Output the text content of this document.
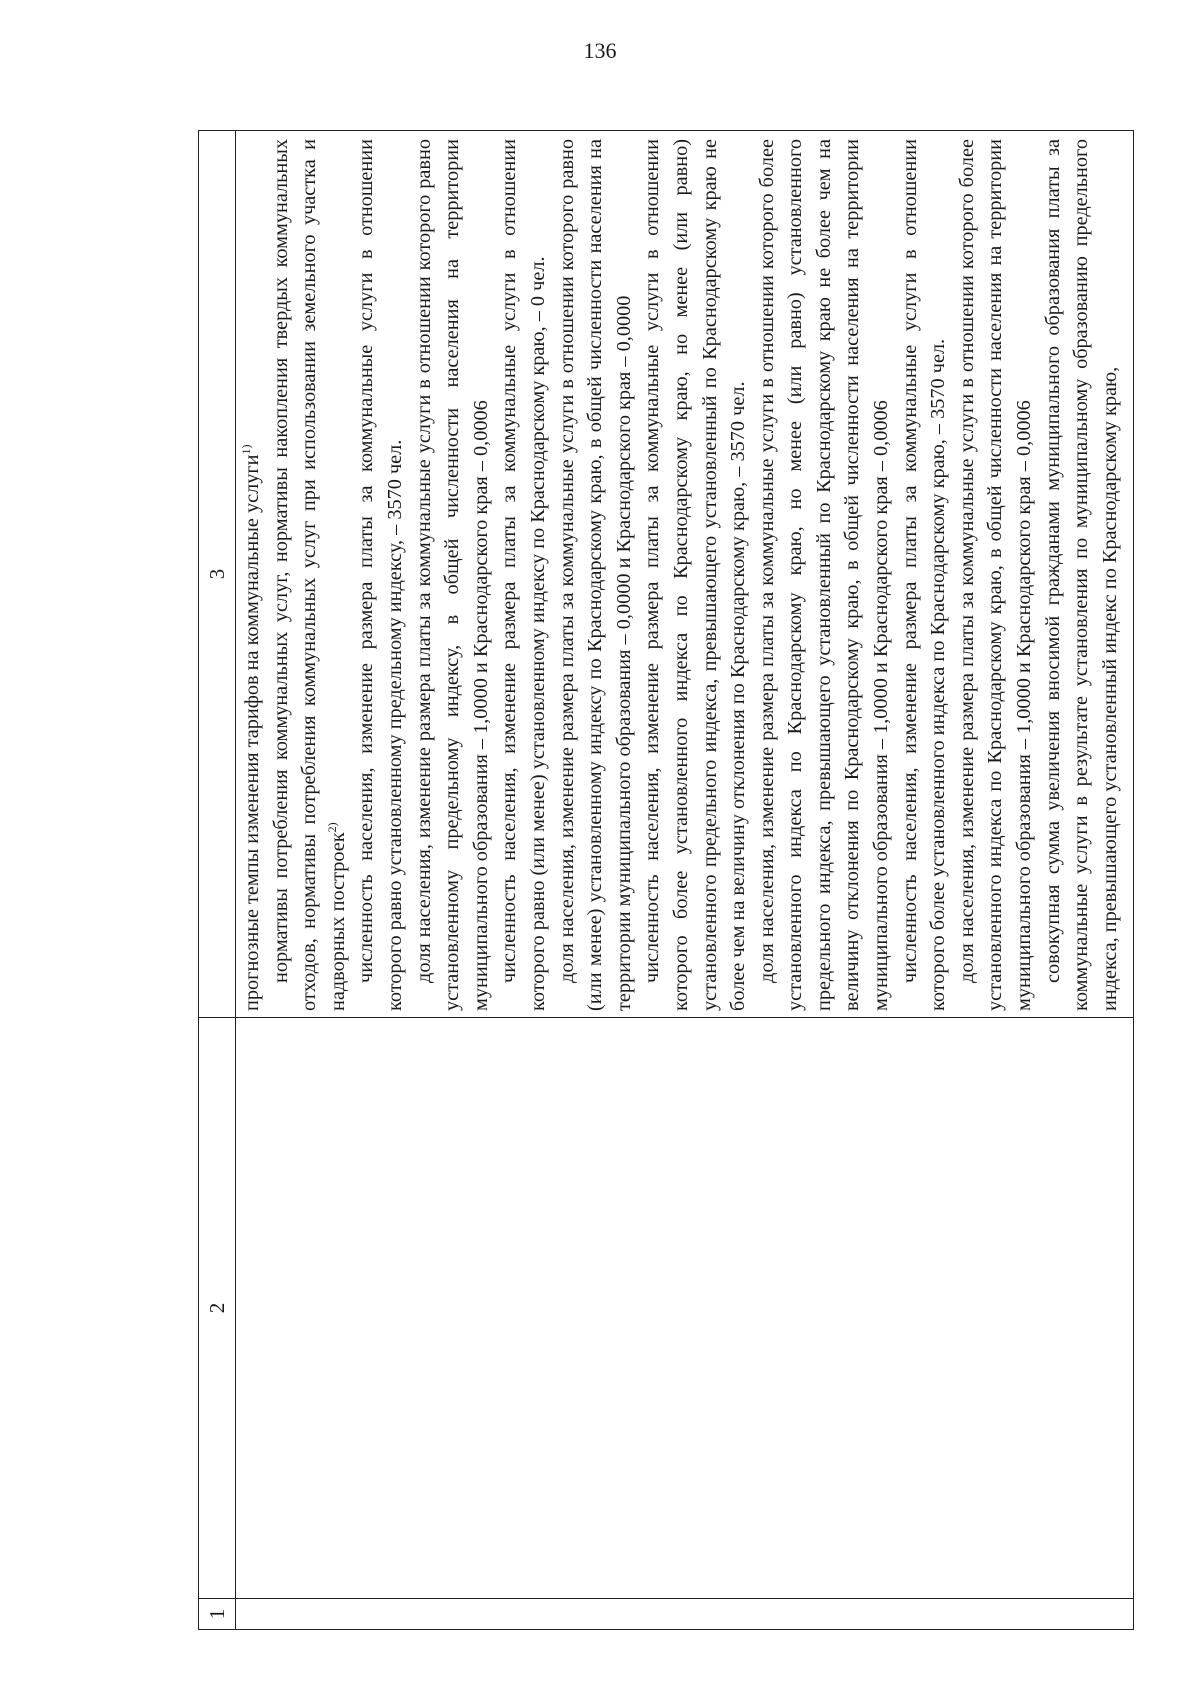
136
1
2
3 прогнозные темпы изменения тарифов на коммунальные услуги$^{1)}$ нормативы потребления коммунальных услуг, нормативы накопления твердых коммунальных отходов, нормативы потребления коммунальных услуг при использовании земельного участка и надворных построек$^{2)}$ численность населения, изменение размера платы за коммунальные услуги в отношении которого равно установленному предельному индексу, – 3570 чел. доля населения, изменение размера платы за коммунальные услуги в отношении которого равно установленному предельному индексу, в общей численности населения на территории муниципального образования – 1,0000 и Краснодарского края – 0,0006 численность населения, изменение размера платы за коммунальные услуги в отношении которого равно (или менее) установленному индексу по Краснодарскому краю, – 0 чел. доля населения, изменение размера платы за коммунальные услуги в отношении которого равно (или менее) установленному индексу по Краснодарскому краю, в общей численности населения на территории муниципального образования – 0,0000 и Краснодарского края – 0,0000 численность населения, изменение размера платы за коммунальные услуги в отношении которого более установленного индекса по Краснодарскому краю, но менее (или равно) установленного предельного индекса, превышающего установленный по Краснодарскому краю не более чем на величину отклонения по Краснодарскому краю, – 3570 чел. доля населения, изменение размера платы за коммунальные услуги в отношении которого более установленного индекса по Краснодарскому краю, но менее (или равно) установленного предельного индекса, превышающего установленный по Краснодарскому краю не более чем на величину отклонения по Краснодарскому краю, в общей численности населения на территории муниципального образования – 1,0000 и Краснодарского края – 0,0006 численность населения, изменение размера платы за коммунальные услуги в отношении которого более установленного индекса по Краснодарскому краю, – 3570 чел. доля населения, изменение размера платы за коммунальные услуги в отношении которого более установленного индекса по Краснодарскому краю, в общей численности населения на территории муниципального образования – 1,0000 и Краснодарского края – 0,0006 совокупная сумма увеличения вносимой гражданами муниципального образования платы за коммунальные услуги в результате установления по муниципальному образованию предельного индекса, превышающего установленный индекс по Краснодарскому краю,
